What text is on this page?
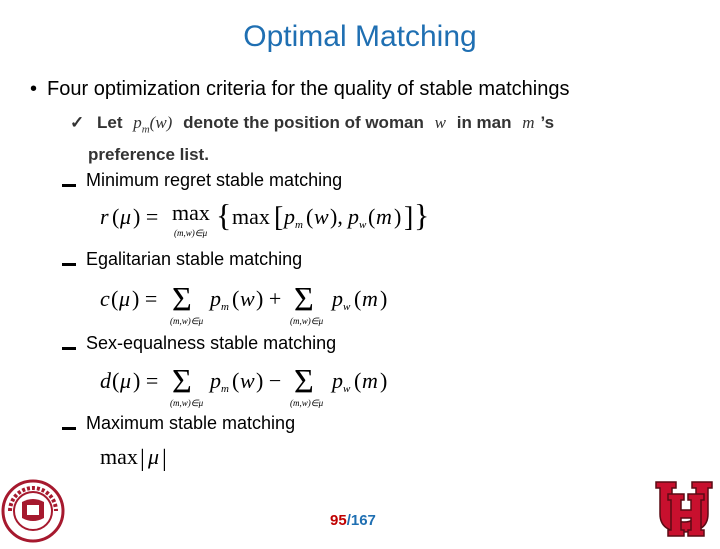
Optimal Matching
• Four optimization criteria for the quality of stable matchings
✓ Let $p_m(w)$ denote the position of woman w in man m ’s
preference list.
Minimum regret stable matching
r ( μ ) = max
(m,w)∈μ { max [ p m ( w ), p w ( m ) ] }
Egalitarian stable matching
c ( μ ) = Σ
(m,w)∈μ
p m ( w ) + Σ
(m,w)∈μ
p w ( m )
Sex-equalness stable matching
d ( μ ) = Σ
(m,w)∈μ
p m ( w ) − Σ
(m,w)∈μ
p w ( m )
Maximum stable matching
max | μ |
95/167
